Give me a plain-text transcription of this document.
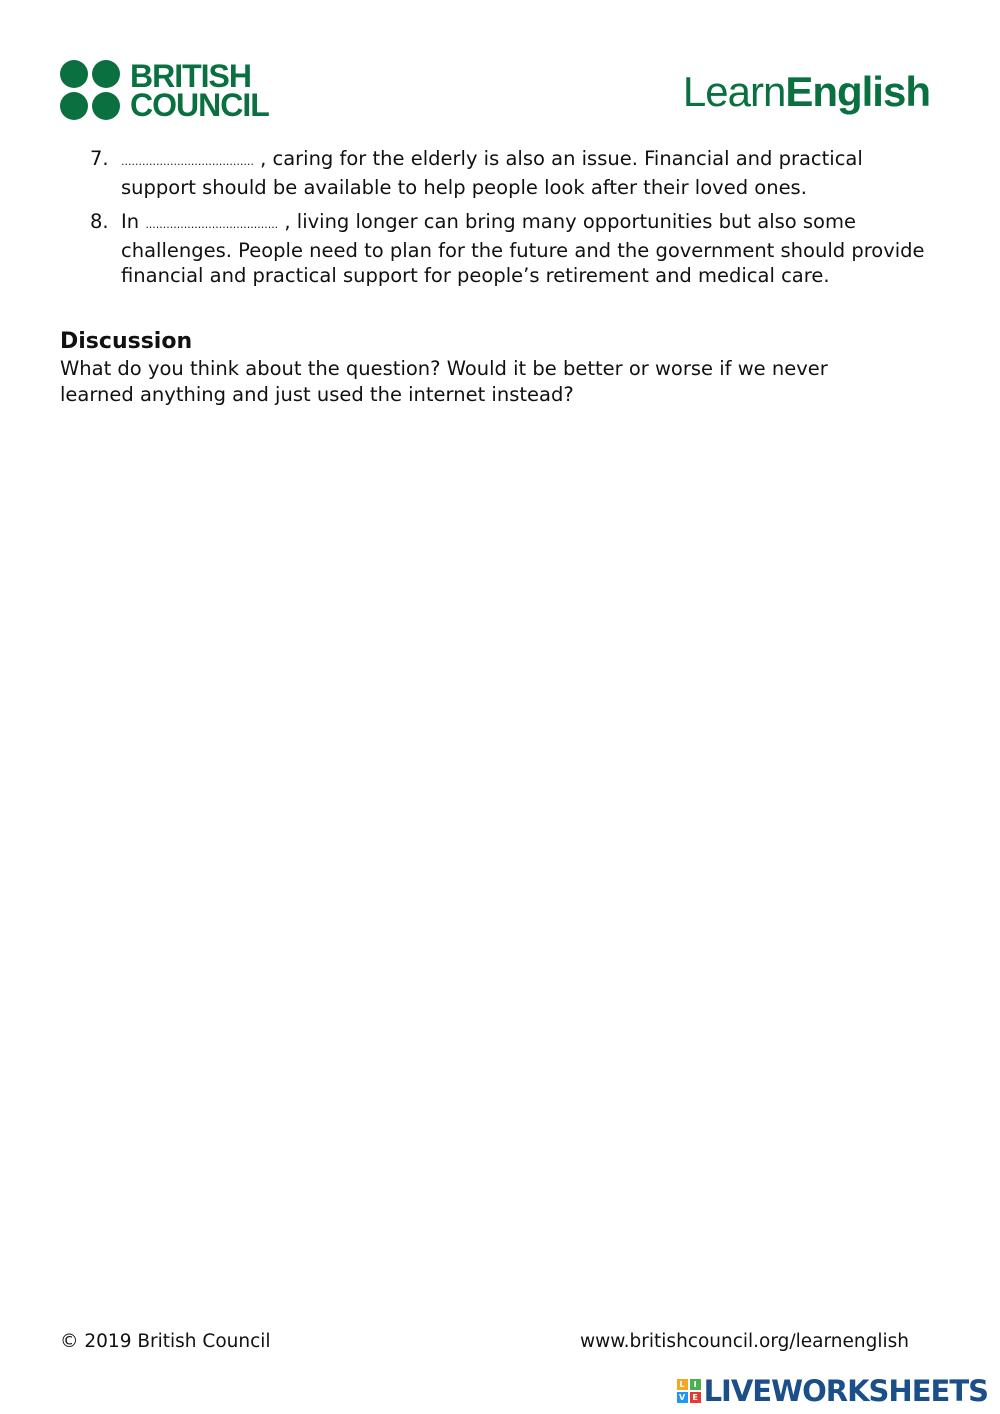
BRITISH
COUNCIL	LearnEnglish
7. ...................................... , caring for the elderly is also an issue. Financial and practical support should be available to help people look after their loved ones.
8. In ...................................... , living longer can bring many opportunities but also some challenges. People need to plan for the future and the government should provide financial and practical support for people’s retirement and medical care.
Discussion

What do you think about the question? Would it be better or worse if we never learned anything and just used the internet instead?

© 2019 British Council	www.britishcouncil.org/learnenglish
L	I
V E LIVEWORKSHEETS
